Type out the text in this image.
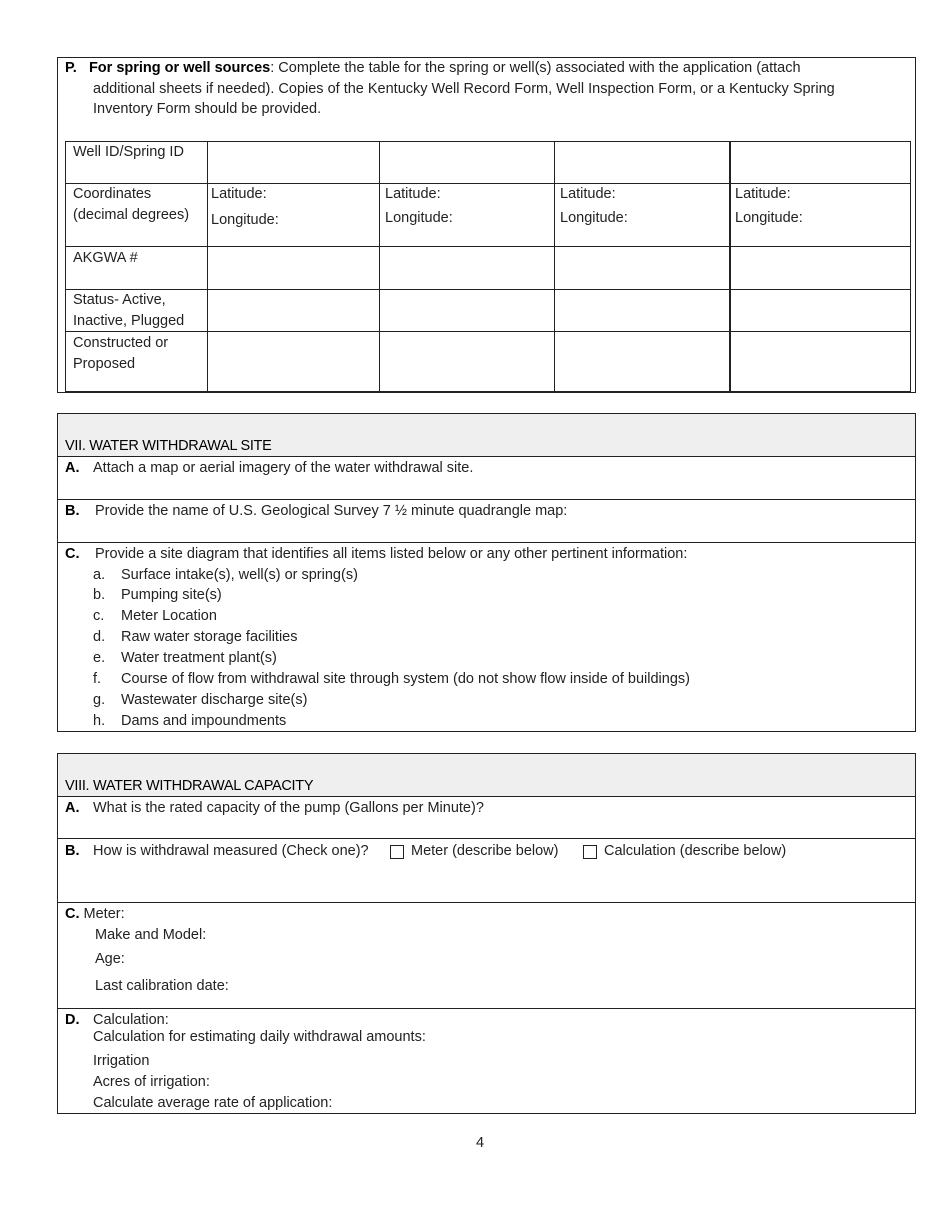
P. For spring or well sources: Complete the table for the spring or well(s) associated with the application (attach
additional sheets if needed). Copies of the Kentucky Well Record Form, Well Inspection Form, or a Kentucky Spring
Inventory Form should be provided.
Well ID/Spring ID
Coordinates
(decimal degrees)
AKGWA #
Status- Active,
Inactive, Plugged
Constructed or
Proposed
Latitude:
Longitude:
Latitude:
Longitude:
Latitude:
Longitude:
Latitude:
Longitude:
VII. WATER WITHDRAWAL SITE
A. Attach a map or aerial imagery of the water withdrawal site.
B. Provide the name of U.S. Geological Survey 7 ½ minute quadrangle map:
C. Provide a site diagram that identifies all items listed below or any other pertinent information:
a. Surface intake(s), well(s) or spring(s)
b. Pumping site(s)
c. Meter Location
d. Raw water storage facilities
e. Water treatment plant(s)
f. Course of flow from withdrawal site through system (do not show flow inside of buildings)
g. Wastewater discharge site(s)
h. Dams and impoundments
VIII. WATER WITHDRAWAL CAPACITY
A. What is the rated capacity of the pump (Gallons per Minute)?
B. How is withdrawal measured (Check one)?	Meter (describe below)	Calculation (describe below)
C. Meter:
Make and Model:
Age:
Last calibration date:
D. Calculation:
Calculation for estimating daily withdrawal amounts:
Irrigation
Acres of irrigation:
Calculate average rate of application:
4
